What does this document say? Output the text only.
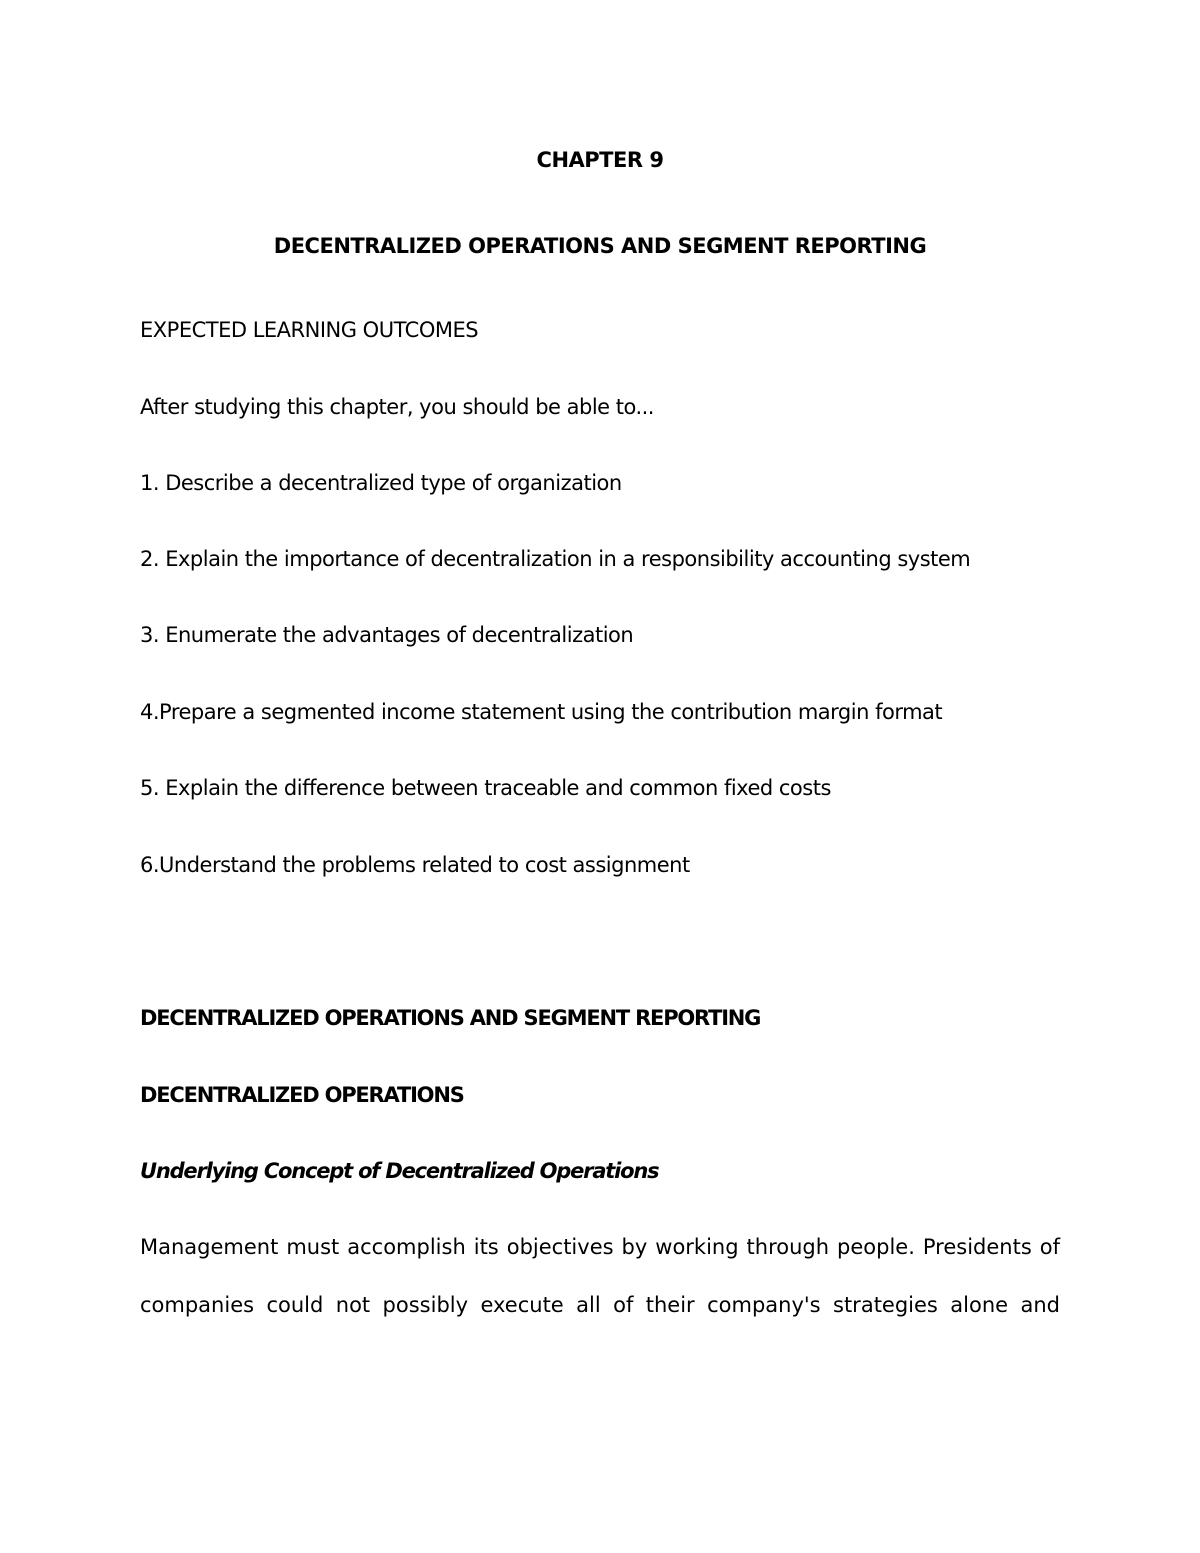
CHAPTER 9
DECENTRALIZED OPERATIONS AND SEGMENT REPORTING
EXPECTED LEARNING OUTCOMES
After studying this chapter, you should be able to...
1. Describe a decentralized type of organization
2. Explain the importance of decentralization in a responsibility accounting system
3. Enumerate the advantages of decentralization
4.Prepare a segmented income statement using the contribution margin format
5. Explain the difference between traceable and common fixed costs
6.Understand the problems related to cost assignment
DECENTRALIZED OPERATIONS AND SEGMENT REPORTING
DECENTRALIZED OPERATIONS
Underlying Concept of Decentralized Operations
Management must accomplish its objectives by working through people. Presidents of
companies could not possibly execute all of their company's strategies alone and
